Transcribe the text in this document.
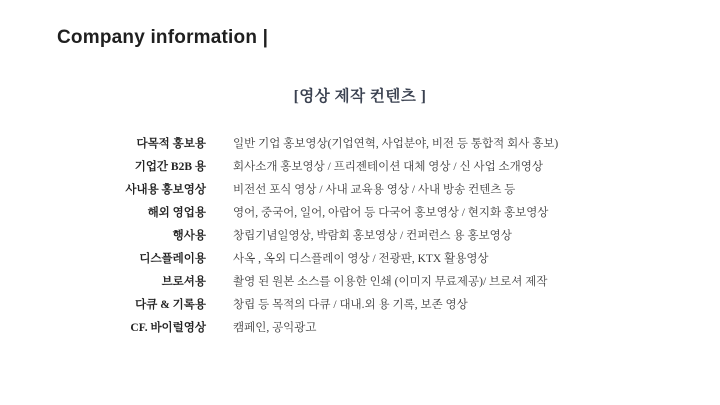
Company information |
[영상 제작 컨텐츠 ]
다목적 홍보용 일반 기업 홍보영상(기업연혁, 사업분야, 비전 등 통합적 회사 홍보)
기업간 B2B 용 회사소개 홍보영상 / 프리젠테이션 대체 영상 / 신 사업 소개영상
사내용 홍보영상 비전선 포식 영상 / 사내 교육용 영상 / 사내 방송 컨텐츠 등
해외 영업용 영어, 중국어, 일어, 아랍어 등 다국어 홍보영상 / 현지화 홍보영상
행사용 창립기념일영상, 박람회 홍보영상 / 컨퍼런스 용 홍보영상
디스플레이용 사옥 , 옥외 디스플레이 영상 / 전광판, KTX 활용영상
브로셔용 촬영 된 원본 소스를 이용한 인쇄 (이미지 무료제공)/ 브로셔 제작
다큐 & 기록용 창립 등 목적의 다큐 / 대내.외 용 기록, 보존 영상
CF. 바이럴영상 캠페인, 공익광고
